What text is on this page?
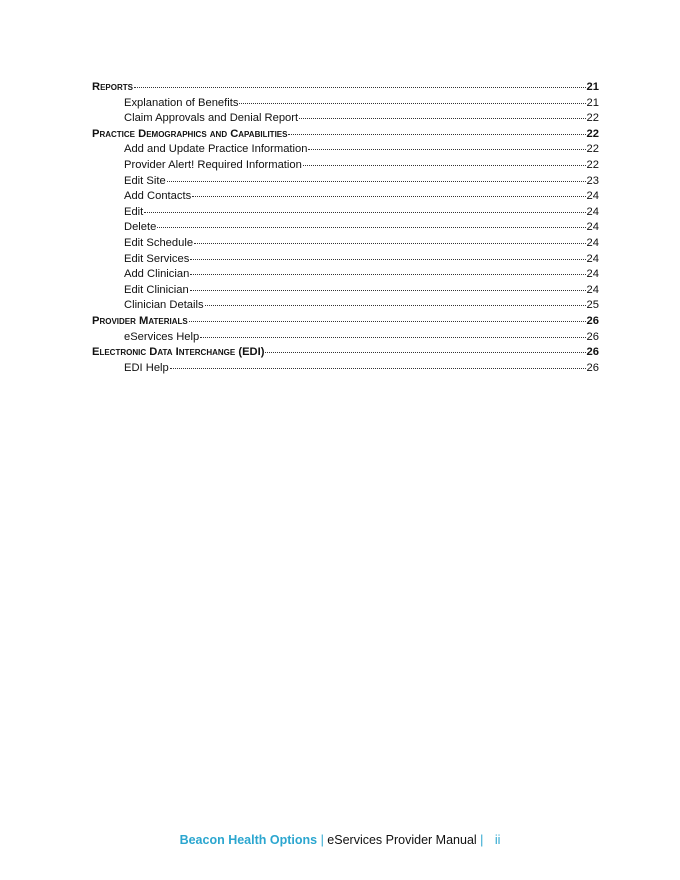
Reports	21
Explanation of Benefits	21
Claim Approvals and Denial Report	22
Practice Demographics and Capabilities	22
Add and Update Practice Information	22
Provider Alert! Required Information	22
Edit Site	23
Add Contacts	24
Edit	24
Delete	24
Edit Schedule	24
Edit Services	24
Add Clinician	24
Edit Clinician	24
Clinician Details	25
Provider Materials	26
eServices Help	26
Electronic Data Interchange (EDI)	26
EDI Help	26
Beacon Health Options | eServices Provider Manual | ii
